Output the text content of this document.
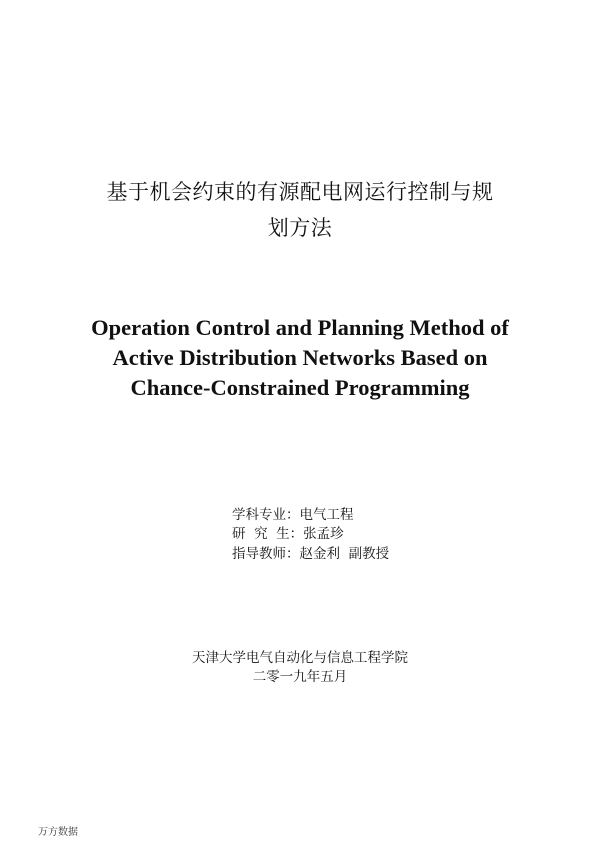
基于机会约束的有源配电网运行控制与规
划方法
Operation Control and Planning Method of
Active Distribution Networks Based on
Chance-Constrained Programming
学科专业：电气工程
研  究  生：张孟珍
指导教师：赵金利  副教授
天津大学电气自动化与信息工程学院
二零一九年五月
万方数据
